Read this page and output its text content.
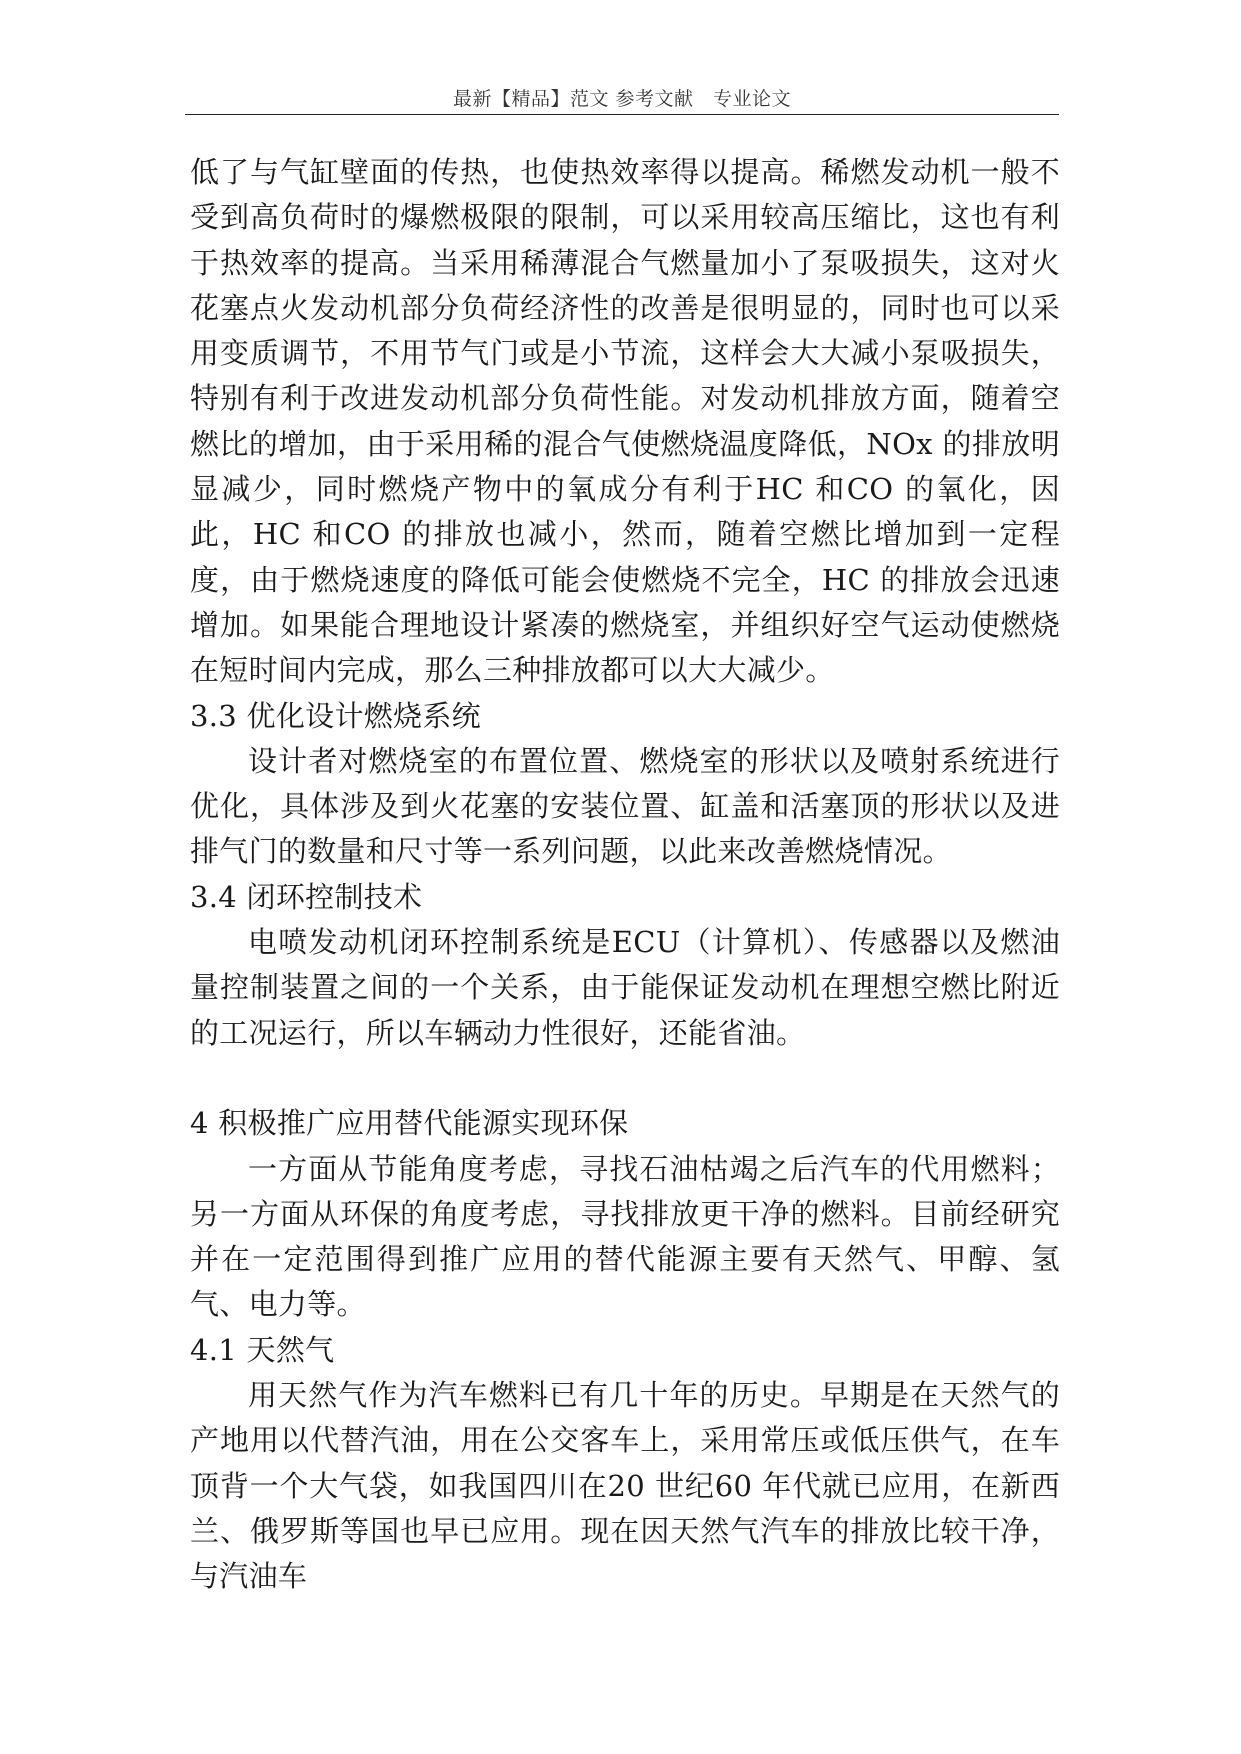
最新【精品】范文 参考文献　专业论文

低了与气缸壁面的传热，也使热效率得以提高。稀燃发动机一般不受到高负荷时的爆燃极限的限制，可以采用较高压缩比，这也有利于热效率的提高。当采用稀薄混合气燃量加小了泵吸损失，这对火花塞点火发动机部分负荷经济性的改善是很明显的，同时也可以采用变质调节，不用节气门或是小节流，这样会大大减小泵吸损失，特别有利于改进发动机部分负荷性能。对发动机排放方面，随着空燃比的增加，由于采用稀的混合气使燃烧温度降低，NOx 的排放明显减少，同时燃烧产物中的氧成分有利于HC 和CO 的氧化，因此，HC 和CO 的排放也减小，然而，随着空燃比增加到一定程度，由于燃烧速度的降低可能会使燃烧不完全，HC 的排放会迅速增加。如果能合理地设计紧凑的燃烧室，并组织好空气运动使燃烧在短时间内完成，那么三种排放都可以大大减少。

3.3 优化设计燃烧系统

设计者对燃烧室的布置位置、燃烧室的形状以及喷射系统进行优化，具体涉及到火花塞的安装位置、缸盖和活塞顶的形状以及进排气门的数量和尺寸等一系列问题，以此来改善燃烧情况。

3.4 闭环控制技术

电喷发动机闭环控制系统是ECU（计算机）、传感器以及燃油量控制装置之间的一个关系，由于能保证发动机在理想空燃比附近的工况运行，所以车辆动力性很好，还能省油。

4 积极推广应用替代能源实现环保

一方面从节能角度考虑，寻找石油枯竭之后汽车的代用燃料；另一方面从环保的角度考虑，寻找排放更干净的燃料。目前经研究并在一定范围得到推广应用的替代能源主要有天然气、甲醇、氢气、电力等。

4.1 天然气

用天然气作为汽车燃料已有几十年的历史。早期是在天然气的产地用以代替汽油，用在公交客车上，采用常压或低压供气，在车顶背一个大气袋，如我国四川在20 世纪60 年代就已应用，在新西兰、俄罗斯等国也早已应用。现在因天然气汽车的排放比较干净，与汽油车
